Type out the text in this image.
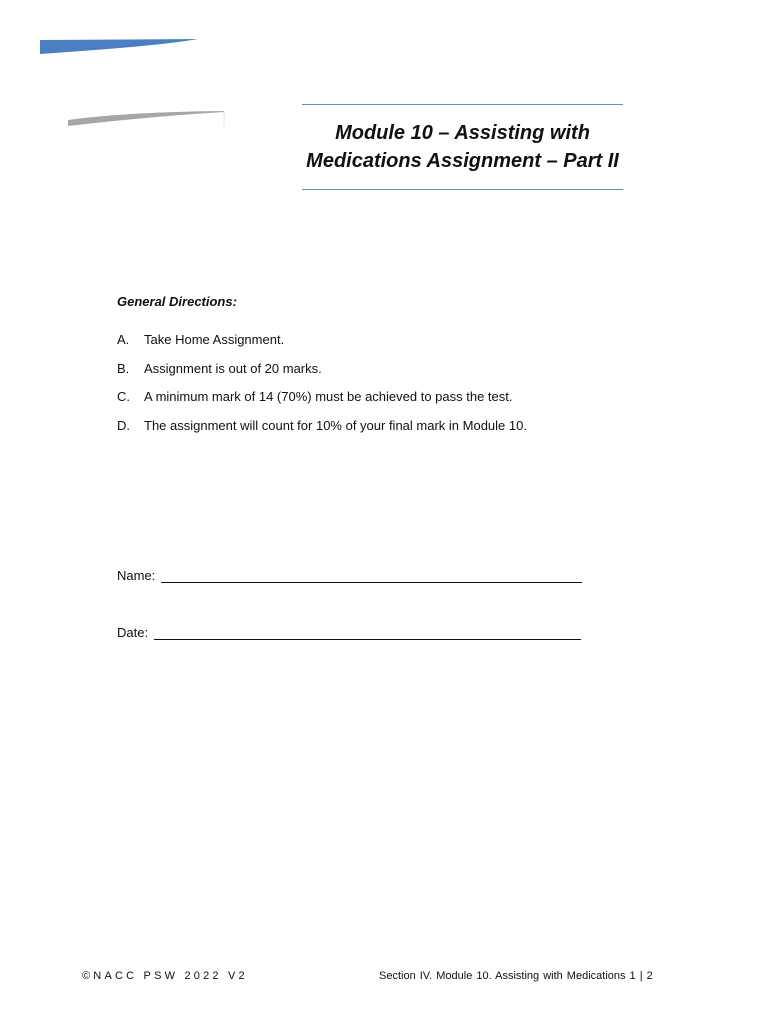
Module 10 – Assisting with
Medications Assignment – Part II
General Directions:
A. Take Home Assignment.
B. Assignment is out of 20 marks.
C. A minimum mark of 14 (70%) must be achieved to pass the test.
D. The assignment will count for 10% of your final mark in Module 10.
Name:
Date:
©NACC PSW 2022 V2	Section IV. Module 10. Assisting with Medications 1 | 2
